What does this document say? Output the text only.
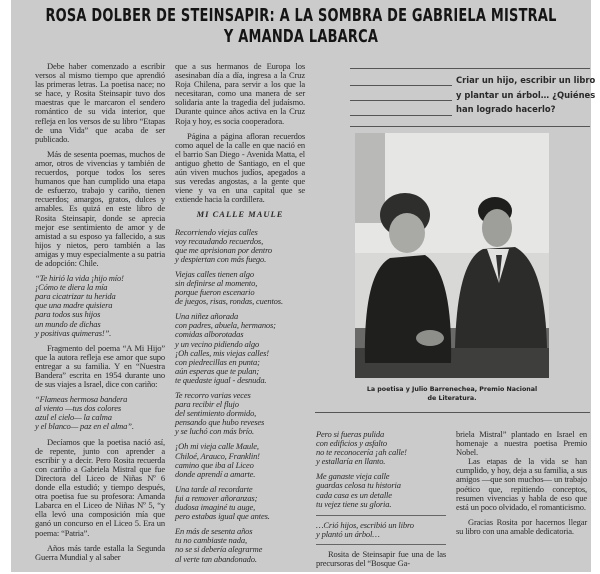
ROSA DOLBER DE STEINSAPIR: A LA SOMBRA DE GABRIELA MISTRAL
Y AMANDA LABARCA

Debe haber comenzado a escribir versos al mismo tiempo que aprendió las primeras letras. La poetisa nace; no se hace, y Rosita Steinsapir tuvo dos maestras que le marcaron el sendero romántico de su vida interior, que refleja en los versos de su libro “Etapas de una Vida” que acaba de ser publicado.

Más de sesenta poemas, muchos de amor, otros de vivencias y también de recuerdos, porque todos los seres humanos que han cumplido una etapa de esfuerzo, trabajo y cariño, tienen recuerdos; amargos, gratos, dulces y amables. Es quizá en este libro de Rosita Steinsapir, donde se aprecia mejor ese sentimiento de amor y de amistad a su esposo ya fallecido, a sus hijos y nietos, pero también a las amigas y muy especialmente a su patria de adopción: Chile.

“Te hirió la vida ¡hijo mío!
¡Cómo te diera la mía
para cicatrizar tu herida
que una madre quisiera
para todos sus hijos
un mundo de dichas
y positivas quimeras!”.

Fragmento del poema “A Mi Hijo” que la autora refleja ese amor que supo entregar a su familia. Y en “Nuestra Bandera” escrita en 1954 durante uno de sus viajes a Israel, dice con cariño:

“Flameas hermosa bandera
al viento —tus dos colores
azul el cielo— la calma
y el blanco— paz en el alma”.

Decíamos que la poetisa nació así, de repente, junto con aprender a escribir y a decir. Pero Rosita recuerda con cariño a Gabriela Mistral que fue Directora del Liceo de Niñas Nº 6 donde ella estudió; y tiempo después, otra poetisa fue su profesora: Amanda Labarca en el Liceo de Niñas Nº 5, “y ella levó una composición mía que ganó un concurso en el Liceo 5. Era un poema: “Patria”.

Años más tarde estalla la Segunda Guerra Mundial y al saber

que a sus hermanos de Europa los asesinaban día a día, ingresa a la Cruz Roja Chilena, para servir a los que la necesitaran, como una manera de ser solidaria ante la tragedia del judaísmo. Durante quince años activa en la Cruz Roja y hoy, es socia cooperadora.

Página a página afloran recuerdos como aquel de la calle en que nació en el barrio San Diego - Avenida Matta, el antiguo ghetto de Santiago, en el que aún viven muchos judíos, apegados a sus veredas angostas, a la gente que viene y va en una capital que se extiende hacia la cordillera.

MI CALLE MAULE
Recorriendo viejas calles
voy recaudando recuerdos,
que me aprisionan por dentro
y despiertan con más fuego.
Viejas calles tienen algo
sin definirse al momento,
porque fueron escenario
de juegos, risas, rondas, cuentos.
Una niñez añorada
con padres, abuela, hermanos;
comidas alborotadas
y un vecino pidiendo algo
¡Oh calles, mis viejas calles!
con piedrecillas en punta;
aún esperas que te pulan;
te quedaste igual - desnuda.
Te recorro varias veces
para recibir el flujo
del sentimiento dormido,
pensando que hubo reveses
y se luchó con más brío.
¡Oh mi vieja calle Maule,
Chiloé, Arauco, Franklin!
camino que iba al Liceo
donde aprendí a amarte.
Una tarde al recordarte
fui a remover añoranzas;
dudosa imaginé tu auge,
pero estabas igual que antes.
En más de sesenta años
tu no cambiaste nada,
no se si debería alegrarme
al verte tan abandonado.
Criar un hijo, escribir un libro
y plantar un árbol… ¿Quiénes
han logrado hacerlo?
La poetisa y Julio Barrenechea, Premio Nacional
de Literatura.
Pero si fueras pulida
con edificios y asfalto
no te reconocería ¡ah calle!
y estallaría en llanto.
Me ganaste vieja calle
guardas celosa tu historia
cada casa es un detalle
tu vejez tiene su gloria.
…Crió hijos, escribió un libro
y plantó un árbol…

Rosita de Steinsapir fue una de las precursoras del “Bosque Ga-

briela Mistral” plantado en Israel en homenaje a nuestra poetisa Premio Nobel.

Las etapas de la vida se han cumplido, y hoy, deja a su familia, a sus amigos —que son muchos— un trabajo poético que, repitiendo conceptos, resumen vivencias y habla de eso que está un poco olvidado, el romanticismo.

Gracias Rosita por hacernos llegar su libro con una amable dedicatoria.
